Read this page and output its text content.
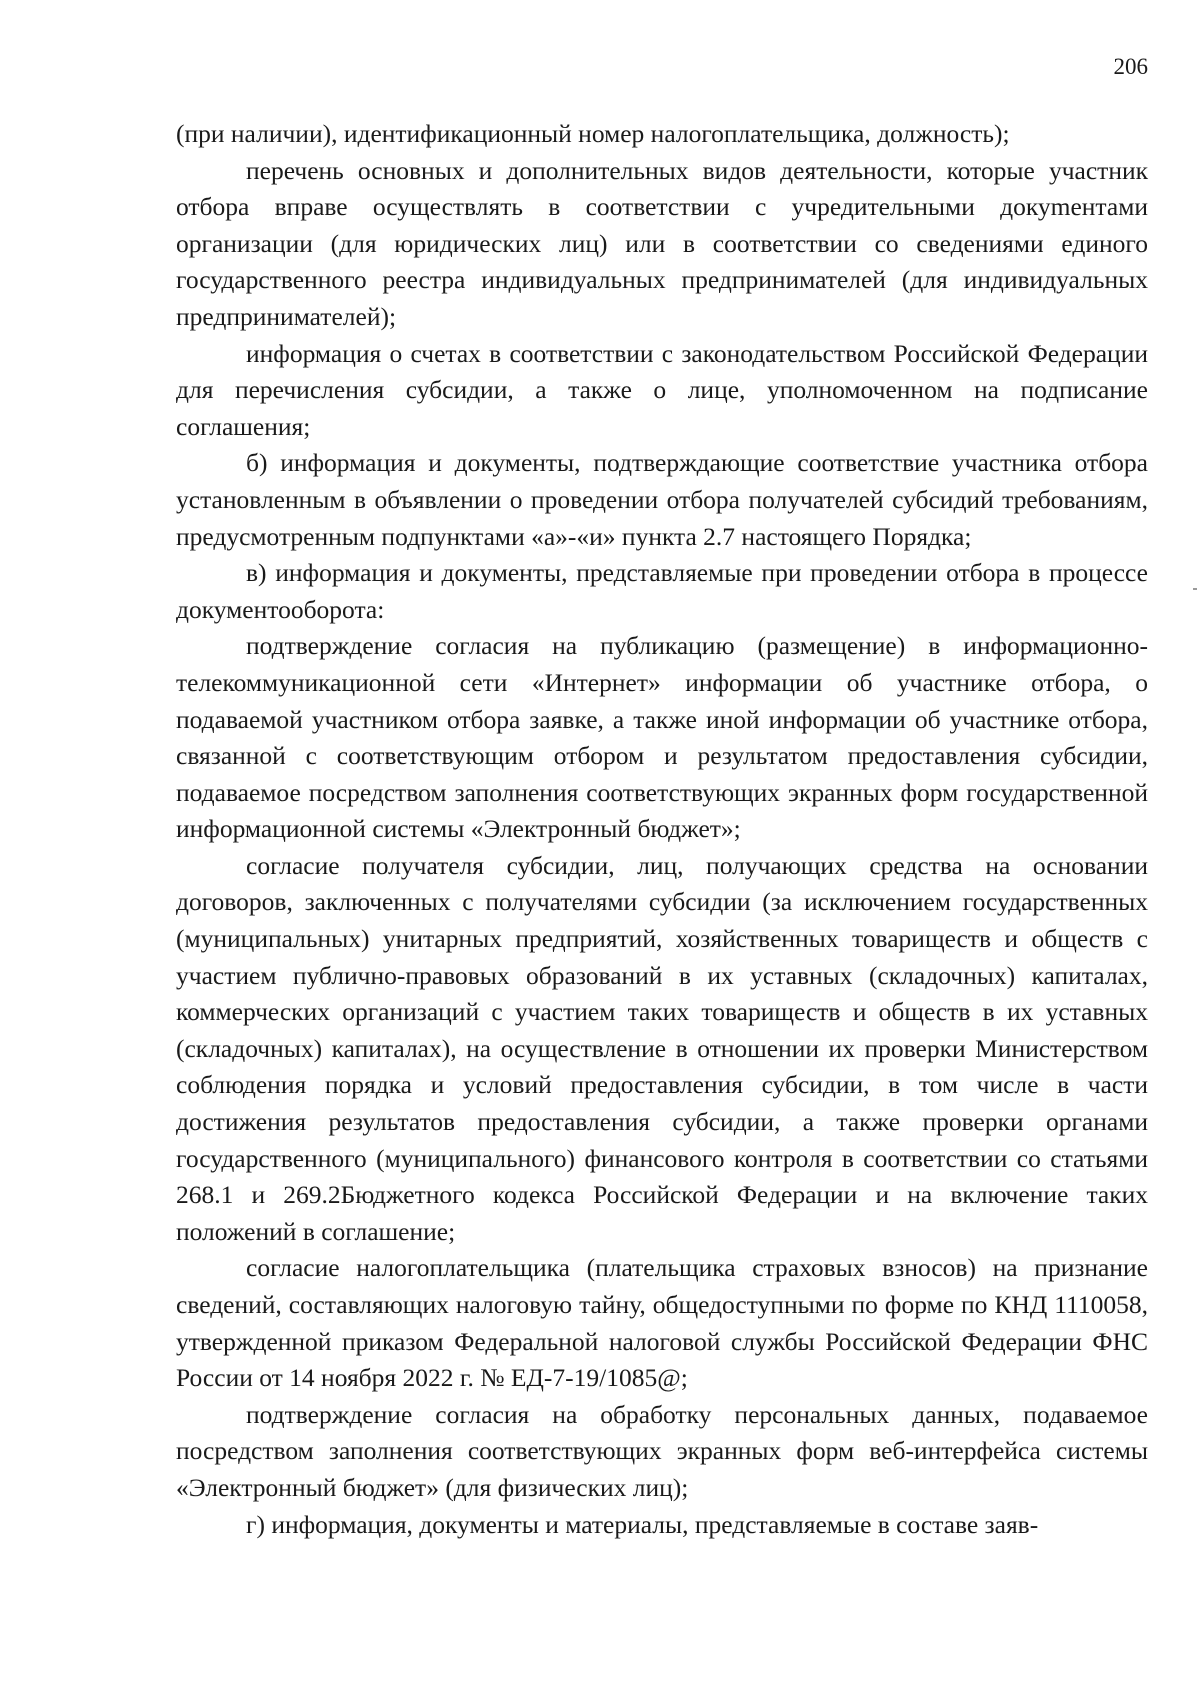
206

(при наличии), идентификационный номер налогоплательщика, должность);

перечень основных и дополнительных видов деятельности, которые участник отбора вправе осуществлять в соответствии с учредительными докуmентами организации (для юридических лиц) или в соответствии со сведениями единого государственного реестра индивидуальных предпринимателей (для индивидуальных предпринимателей);

информация о счетах в соответствии с законодательством Российской Федерации для перечисления субсидии, а также о лице, уполномоченном на подписание соглашения;

б) информация и документы, подтверждающие соответствие участника отбора установленным в объявлении о проведении отбора получателей субсидий требованиям, предусмотренным подпунктами «а»-«и» пункта 2.7 настоящего Порядка;

в) информация и документы, представляемые при проведении отбора в процессе документооборота:

подтверждение согласия на публикацию (размещение) в информационно-телекоммуникационной сети «Интернет» информации об участнике отбора, о подаваемой участником отбора заявке, а также иной информации об участнике отбора, связанной с соответствующим отбором и результатом предоставления субсидии, подаваемое посредством заполнения соответствующих экранных форм государственной информационной системы «Электронный бюджет»;

согласие получателя субсидии, лиц, получающих средства на основании договоров, заключенных с получателями субсидии (за исключением государственных (муниципальных) унитарных предприятий, хозяйственных товариществ и обществ с участием публично-правовых образований в их уставных (складочных) капиталах, коммерческих организаций с участием таких товариществ и обществ в их уставных (складочных) капиталах), на осуществление в отношении их проверки Министерством соблюдения порядка и условий предоставления субсидии, в том числе в части достижения результатов предоставления субсидии, а также проверки органами государственного (муниципального) финансового контроля в соответствии со статьями 268.1 и 269.2Бюджетного кодекса Российской Федерации и на включение таких положений в соглашение;

согласие налогоплательщика (плательщика страховых взносов) на признание сведений, составляющих налоговую тайну, общедоступными по форме по КНД 1110058, утвержденной приказом Федеральной налоговой службы Российской Федерации ФНС России от 14 ноября 2022 г. № ЕД-7-19/1085@;

подтверждение согласия на обработку персональных данных, подаваемое посредством заполнения соответствующих экранных форм веб-интерфейса системы «Электронный бюджет» (для физических лиц);

г) информация, документы и материалы, представляемые в составе заяв-
